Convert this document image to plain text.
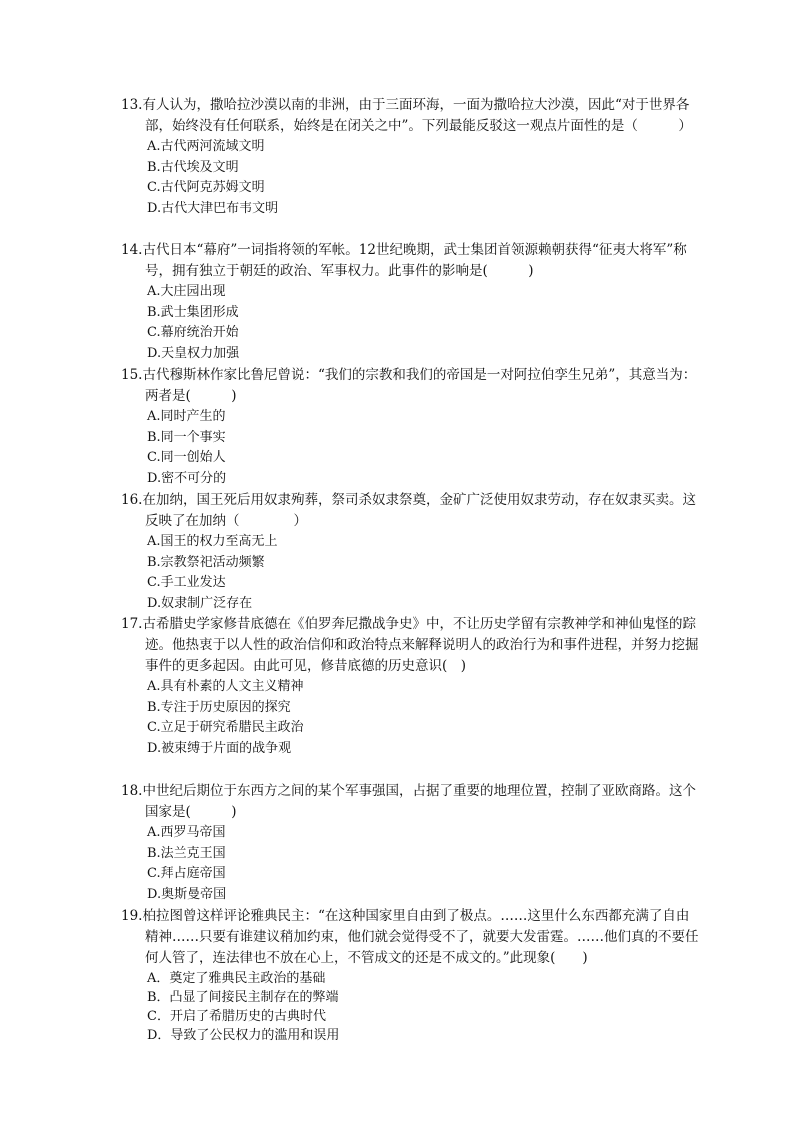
13.有人认为，撒哈拉沙漠以南的非洲，由于三面环海，一面为撒哈拉大沙漠，因此“对于世界各部，始终没有任何联系，始终是在闭关之中”。下列最能反驳这一观点片面性的是（　　　）
A.古代两河流域文明
B.古代埃及文明
C.古代阿克苏姆文明
D.古代大津巴布韦文明
14.古代日本“幕府”一词指将领的军帐。12世纪晚期，武士集团首领源赖朝获得“征夷大将军”称号，拥有独立于朝廷的政治、军事权力。此事件的影响是(　　　)
A.大庄园出现
B.武士集团形成
C.幕府统治开始
D.天皇权力加强
15.古代穆斯林作家比鲁尼曾说：“我们的宗教和我们的帝国是一对阿拉伯孪生兄弟”，其意当为：两者是(　　　)
A.同时产生的
B.同一个事实
C.同一创始人
D.密不可分的
16.在加纳，国王死后用奴隶殉葬，祭司杀奴隶祭奠，金矿广泛使用奴隶劳动，存在奴隶买卖。这反映了在加纳（　　　　）
A.国王的权力至高无上
B.宗教祭祀活动频繁
C.手工业发达
D.奴隶制广泛存在
17.古希腊史学家修昔底德在《伯罗奔尼撒战争史》中，不让历史学留有宗教神学和神仙鬼怪的踪迹。他热衷于以人性的政治信仰和政治特点来解释说明人的政治行为和事件进程，并努力挖掘事件的更多起因。由此可见，修昔底德的历史意识(　)
A.具有朴素的人文主义精神
B.专注于历史原因的探究
C.立足于研究希腊民主政治
D.被束缚于片面的战争观
18.中世纪后期位于东西方之间的某个军事强国，占据了重要的地理位置，控制了亚欧商路。这个国家是(　　　)
A.西罗马帝国
B.法兰克王国
C.拜占庭帝国
D.奥斯曼帝国
19.柏拉图曾这样评论雅典民主：“在这种国家里自由到了极点。……这里什么东西都充满了自由精神……只要有谁建议稍加约束，他们就会觉得受不了，就要大发雷霆。……他们真的不要任何人管了，连法律也不放在心上，不管成文的还是不成文的。”此现象(　　)
A．奠定了雅典民主政治的基础
B．凸显了间接民主制存在的弊端
C．开启了希腊历史的古典时代
D．导致了公民权力的滥用和误用
